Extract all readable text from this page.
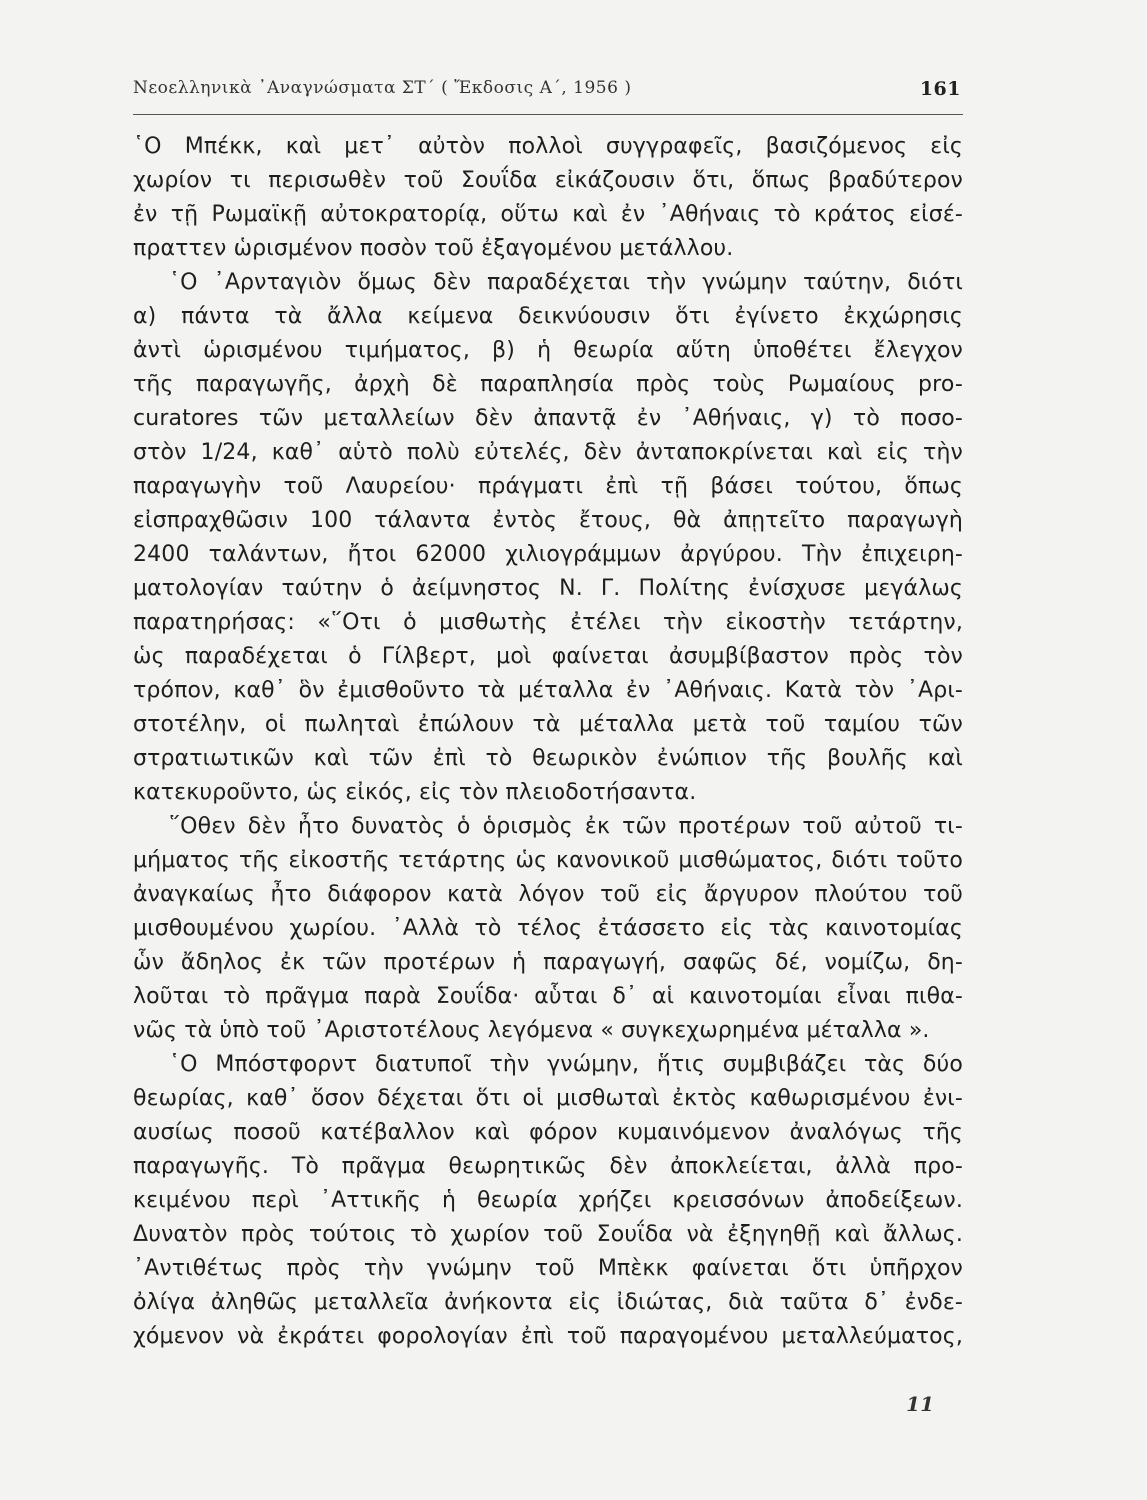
Νεοελληνικὰ ᾿Αναγνώσματα ΣΤ΄ ( Ἔκδοσις Α΄, 1956 )	161
῾Ο Μπέκκ, καὶ μετ᾿ αὐτὸν πολλοὶ συγγραφεῖς, βασιζόμενος εἰς
χωρίον τι περισωθὲν τοῦ Σουΐδα εἰκάζουσιν ὅτι, ὅπως βραδύτερον
ἐν τῇ Ρωμαϊκῇ αὐτοκρατορίᾳ, οὕτω καὶ ἐν ᾿Αθήναις τὸ κράτος εἰσέ-
πραττεν ὡρισμένον ποσὸν τοῦ ἐξαγομένου μετάλλου.
῾Ο ᾿Αρνταγιὸν ὅμως δὲν παραδέχεται τὴν γνώμην ταύτην, διότι
α) πάντα τὰ ἄλλα κείμενα δεικνύουσιν ὅτι ἐγίνετο ἐκχώρησις
ἀντὶ ὡρισμένου τιμήματος, β) ἡ θεωρία αὕτη ὑποθέτει ἔλεγχον
τῆς παραγωγῆς, ἀρχὴ δὲ παραπλησία πρὸς τοὺς Ρωμαίους pro-
curatores τῶν μεταλλείων δὲν ἀπαντᾷ ἐν ᾿Αθήναις, γ) τὸ ποσο-
στὸν 1/24, καθ᾿ αὑτὸ πολὺ εὐτελές, δὲν ἀνταποκρίνεται καὶ εἰς τὴν
παραγωγὴν τοῦ Λαυρείου· πράγματι ἐπὶ τῇ βάσει τούτου, ὅπως
εἰσπραχθῶσιν 100 τάλαντα ἐντὸς ἔτους, θὰ ἀπῃτεῖτο παραγωγὴ
2400 ταλάντων, ἤτοι 62000 χιλιογράμμων ἀργύρου. Τὴν ἐπιχειρη-
ματολογίαν ταύτην ὁ ἀείμνηστος Ν. Γ. Πολίτης ἐνίσχυσε μεγάλως
παρατηρήσας: «῞Οτι ὁ μισθωτὴς ἐτέλει τὴν εἰκοστὴν τετάρτην,
ὡς παραδέχεται ὁ Γίλβερτ, μοὶ φαίνεται ἀσυμβίβαστον πρὸς τὸν
τρόπον, καθ᾿ ὃν ἐμισθοῦντο τὰ μέταλλα ἐν ᾿Αθήναις. Κατὰ τὸν ᾿Αρι-
στοτέλην, οἱ πωληταὶ ἐπώλουν τὰ μέταλλα μετὰ τοῦ ταμίου τῶν
στρατιωτικῶν καὶ τῶν ἐπὶ τὸ θεωρικὸν ἐνώπιον τῆς βουλῆς καὶ
κατεκυροῦντο, ὡς εἰκός, εἰς τὸν πλειοδοτήσαντα.
῞Οθεν δὲν ἦτο δυνατὸς ὁ ὁρισμὸς ἐκ τῶν προτέρων τοῦ αὐτοῦ τι-
μήματος τῆς εἰκοστῆς τετάρτης ὡς κανονικοῦ μισθώματος, διότι τοῦτο
ἀναγκαίως ἦτο διάφορον κατὰ λόγον τοῦ εἰς ἄργυρον πλούτου τοῦ
μισθουμένου χωρίου. ᾿Αλλὰ τὸ τέλος ἐτάσσετο εἰς τὰς καινοτομίας
ὧν ἄδηλος ἐκ τῶν προτέρων ἡ παραγωγή, σαφῶς δέ, νομίζω, δη-
λοῦται τὸ πρᾶγμα παρὰ Σουΐδα· αὗται δ᾿ αἱ καινοτομίαι εἶναι πιθα-
νῶς τὰ ὑπὸ τοῦ ᾿Αριστοτέλους λεγόμενα « συγκεχωρημένα μέταλλα ».
῾Ο Μπόστφορντ διατυποῖ τὴν γνώμην, ἥτις συμβιβάζει τὰς δύο
θεωρίας, καθ᾿ ὅσον δέχεται ὅτι οἱ μισθωταὶ ἐκτὸς καθωρισμένου ἐνι-
αυσίως ποσοῦ κατέβαλλον καὶ φόρον κυμαινόμενον ἀναλόγως τῆς
παραγωγῆς. Τὸ πρᾶγμα θεωρητικῶς δὲν ἀποκλείεται, ἀλλὰ προ-
κειμένου περὶ ᾿Αττικῆς ἡ θεωρία χρήζει κρεισσόνων ἀποδείξεων.
Δυνατὸν πρὸς τούτοις τὸ χωρίον τοῦ Σουΐδα νὰ ἐξηγηθῇ καὶ ἄλλως.
᾿Αντιθέτως πρὸς τὴν γνώμην τοῦ Μπὲκκ φαίνεται ὅτι ὑπῆρχον
ὀλίγα ἀληθῶς μεταλλεῖα ἀνήκοντα εἰς ἰδιώτας, διὰ ταῦτα δ᾿ ἐνδε-
χόμενον νὰ ἐκράτει φορολογίαν ἐπὶ τοῦ παραγομένου μεταλλεύματος,
11
